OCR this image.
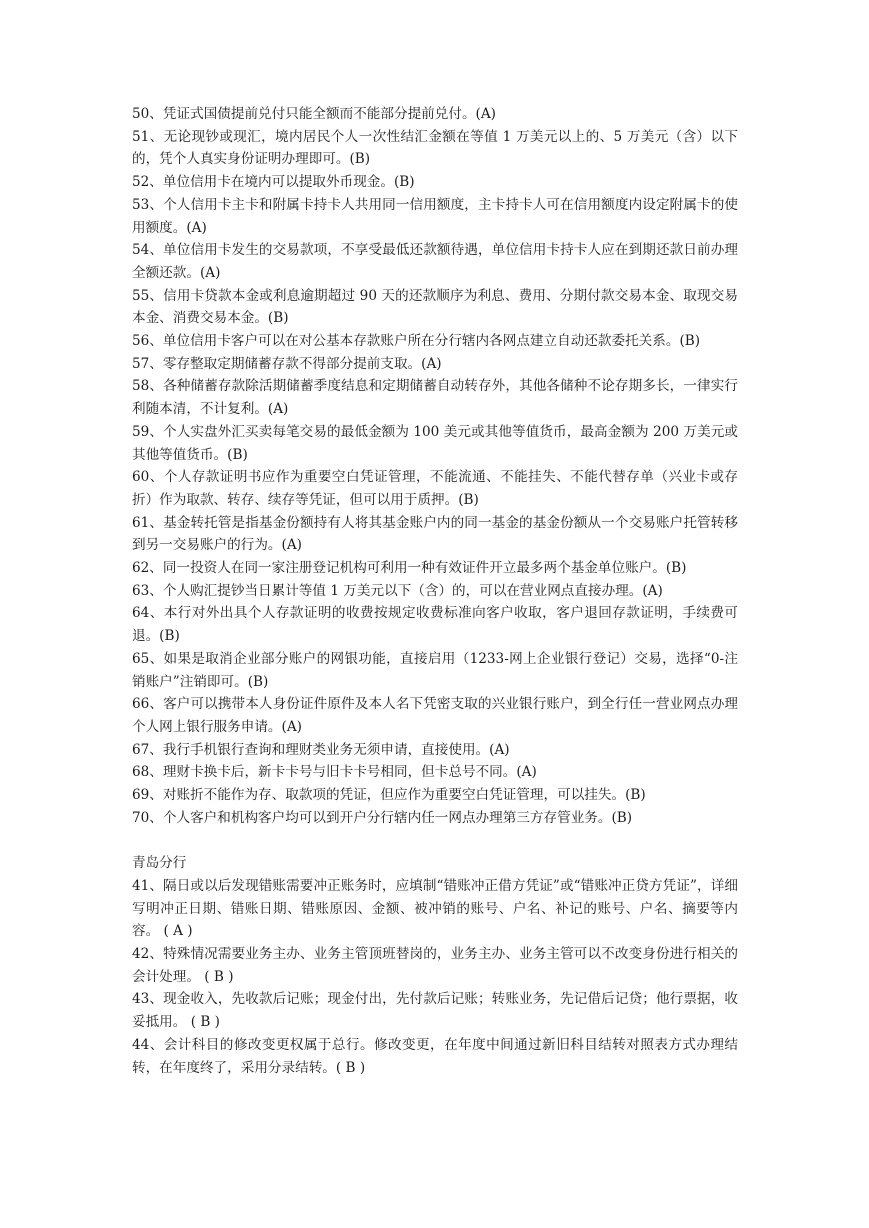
50、凭证式国债提前兑付只能全额而不能部分提前兑付。(A)

51、无论现钞或现汇，境内居民个人一次性结汇金额在等值 1 万美元以上的、5 万美元（含）以下的，凭个人真实身份证明办理即可。(B)

52、单位信用卡在境内可以提取外币现金。(B)

53、个人信用卡主卡和附属卡持卡人共用同一信用额度，主卡持卡人可在信用额度内设定附属卡的使用额度。(A)

54、单位信用卡发生的交易款项，不享受最低还款额待遇，单位信用卡持卡人应在到期还款日前办理全额还款。(A)

55、信用卡贷款本金或利息逾期超过 90 天的还款顺序为利息、费用、分期付款交易本金、取现交易本金、消费交易本金。(B)

56、单位信用卡客户可以在对公基本存款账户所在分行辖内各网点建立自动还款委托关系。(B)

57、零存整取定期储蓄存款不得部分提前支取。(A)

58、各种储蓄存款除活期储蓄季度结息和定期储蓄自动转存外，其他各储种不论存期多长，一律实行利随本清，不计复利。(A)

59、个人实盘外汇买卖每笔交易的最低金额为 100 美元或其他等值货币，最高金额为 200 万美元或其他等值货币。(B)

60、个人存款证明书应作为重要空白凭证管理，不能流通、不能挂失、不能代替存单（兴业卡或存折）作为取款、转存、续存等凭证，但可以用于质押。(B)

61、基金转托管是指基金份额持有人将其基金账户内的同一基金的基金份额从一个交易账户托管转移到另一交易账户的行为。(A)

62、同一投资人在同一家注册登记机构可利用一种有效证件开立最多两个基金单位账户。(B)

63、个人购汇提钞当日累计等值 1 万美元以下（含）的，可以在营业网点直接办理。(A)

64、本行对外出具个人存款证明的收费按规定收费标准向客户收取，客户退回存款证明，手续费可退。(B)

65、如果是取消企业部分账户的网银功能，直接启用（1233-网上企业银行登记）交易，选择“0-注销账户”注销即可。(B)

66、客户可以携带本人身份证件原件及本人名下凭密支取的兴业银行账户，到全行任一营业网点办理个人网上银行服务申请。(A)

67、我行手机银行查询和理财类业务无须申请，直接使用。(A)

68、理财卡换卡后，新卡卡号与旧卡卡号相同，但卡总号不同。(A)

69、对账折不能作为存、取款项的凭证，但应作为重要空白凭证管理，可以挂失。(B)

70、个人客户和机构客户均可以到开户分行辖内任一网点办理第三方存管业务。(B)

青岛分行

41、隔日或以后发现错账需要冲正账务时，应填制“错账冲正借方凭证”或“错账冲正贷方凭证”，详细写明冲正日期、错账日期、错账原因、金额、被冲销的账号、户名、补记的账号、户名、摘要等内容。 ( A )

42、特殊情况需要业务主办、业务主管顶班替岗的，业务主办、业务主管可以不改变身份进行相关的会计处理。 ( B )

43、现金收入，先收款后记账；现金付出，先付款后记账；转账业务，先记借后记贷；他行票据，收妥抵用。 ( B )

44、会计科目的修改变更权属于总行。修改变更，在年度中间通过新旧科目结转对照表方式办理结转，在年度终了，采用分录结转。( B )
